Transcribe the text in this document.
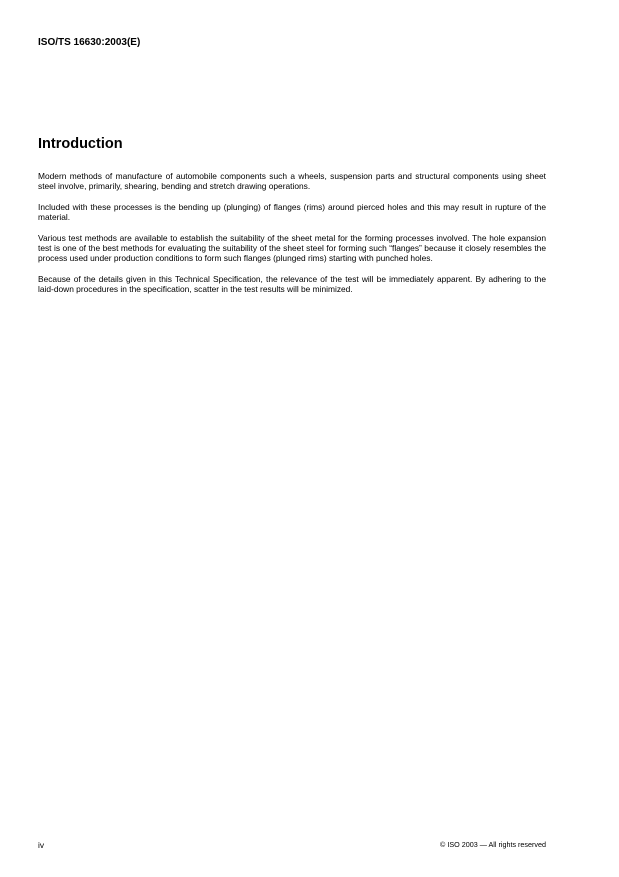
ISO/TS 16630:2003(E)
Introduction

Modern methods of manufacture of automobile components such a wheels, suspension parts and structural components using sheet steel involve, primarily, shearing, bending and stretch drawing operations.

Included with these processes is the bending up (plunging) of flanges (rims) around pierced holes and this may result in rupture of the material.

Various test methods are available to establish the suitability of the sheet metal for the forming processes involved. The hole expansion test is one of the best methods for evaluating the suitability of the sheet steel for forming such “flanges” because it closely resembles the process used under production conditions to form such flanges (plunged rims) starting with punched holes.

Because of the details given in this Technical Specification, the relevance of the test will be immediately apparent. By adhering to the laid-down procedures in the specification, scatter in the test results will be minimized.

iv	© ISO 2003 — All rights reserved
